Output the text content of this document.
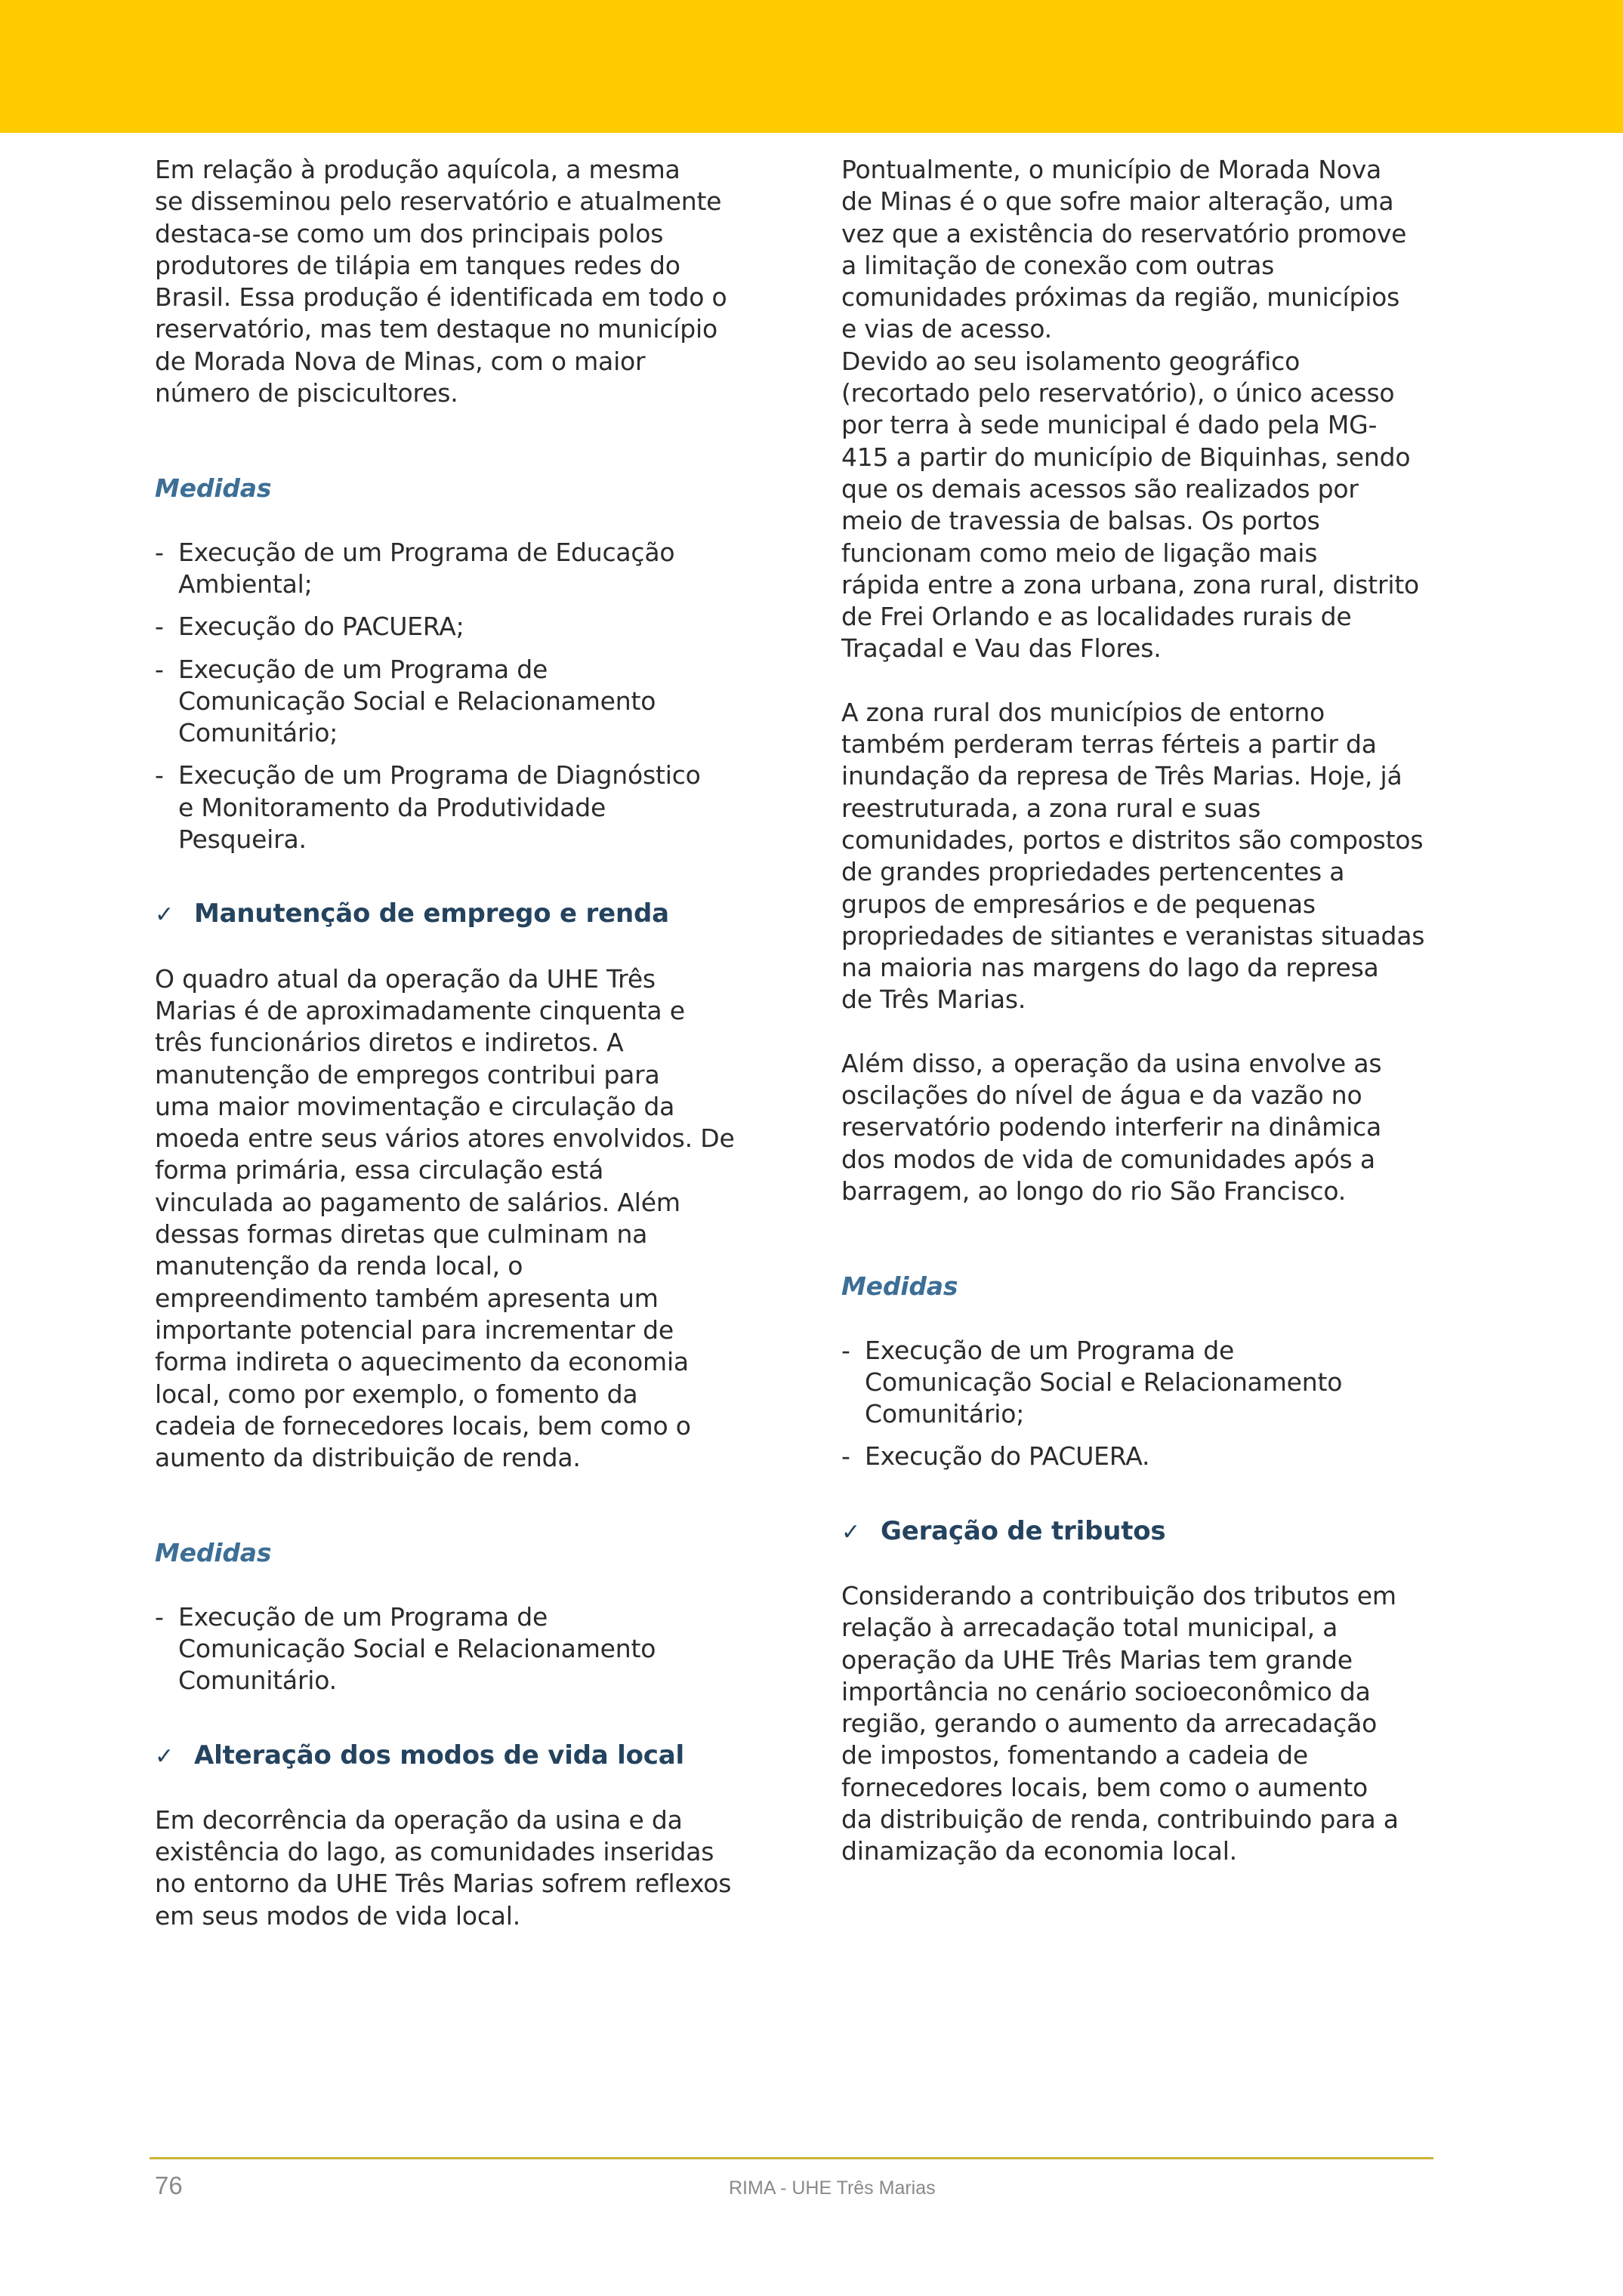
Em relação à produção aquícola, a mesma
se disseminou pelo reservatório e atualmente
destaca-se como um dos principais polos
produtores de tilápia em tanques redes do
Brasil. Essa produção é identificada em todo o
reservatório, mas tem destaque no município
de Morada Nova de Minas, com o maior
número de piscicultores.

Medidas

- Execução de um Programa de Educação
Ambiental;
- Execução do PACUERA;
- Execução de um Programa de
Comunicação Social e Relacionamento
Comunitário;
- Execução de um Programa de Diagnóstico
e Monitoramento da Produtividade
Pesqueira.

✓ Manutenção de emprego e renda

O quadro atual da operação da UHE Três
Marias é de aproximadamente cinquenta e
três funcionários diretos e indiretos. A
manutenção de empregos contribui para
uma maior movimentação e circulação da
moeda entre seus vários atores envolvidos. De
forma primária, essa circulação está
vinculada ao pagamento de salários. Além
dessas formas diretas que culminam na
manutenção da renda local, o
empreendimento também apresenta um
importante potencial para incrementar de
forma indireta o aquecimento da economia
local, como por exemplo, o fomento da
cadeia de fornecedores locais, bem como o
aumento da distribuição de renda.

Medidas

- Execução de um Programa de
Comunicação Social e Relacionamento
Comunitário.

✓ Alteração dos modos de vida local

Em decorrência da operação da usina e da
existência do lago, as comunidades inseridas
no entorno da UHE Três Marias sofrem reflexos
em seus modos de vida local.

Pontualmente, o município de Morada Nova
de Minas é o que sofre maior alteração, uma
vez que a existência do reservatório promove
a limitação de conexão com outras
comunidades próximas da região, municípios
e vias de acesso.

Devido ao seu isolamento geográfico
(recortado pelo reservatório), o único acesso
por terra à sede municipal é dado pela MG-
415 a partir do município de Biquinhas, sendo
que os demais acessos são realizados por
meio de travessia de balsas. Os portos
funcionam como meio de ligação mais
rápida entre a zona urbana, zona rural, distrito
de Frei Orlando e as localidades rurais de
Traçadal e Vau das Flores.

A zona rural dos municípios de entorno
também perderam terras férteis a partir da
inundação da represa de Três Marias. Hoje, já
reestruturada, a zona rural e suas
comunidades, portos e distritos são compostos
de grandes propriedades pertencentes a
grupos de empresários e de pequenas
propriedades de sitiantes e veranistas situadas
na maioria nas margens do lago da represa
de Três Marias.

Além disso, a operação da usina envolve as
oscilações do nível de água e da vazão no
reservatório podendo interferir na dinâmica
dos modos de vida de comunidades após a
barragem, ao longo do rio São Francisco.

Medidas

- Execução de um Programa de
Comunicação Social e Relacionamento
Comunitário;
- Execução do PACUERA.

✓ Geração de tributos

Considerando a contribuição dos tributos em
relação à arrecadação total municipal, a
operação da UHE Três Marias tem grande
importância no cenário socioeconômico da
região, gerando o aumento da arrecadação
de impostos, fomentando a cadeia de
fornecedores locais, bem como o aumento
da distribuição de renda, contribuindo para a
dinamização da economia local.

76	RIMA - UHE Três Marias
